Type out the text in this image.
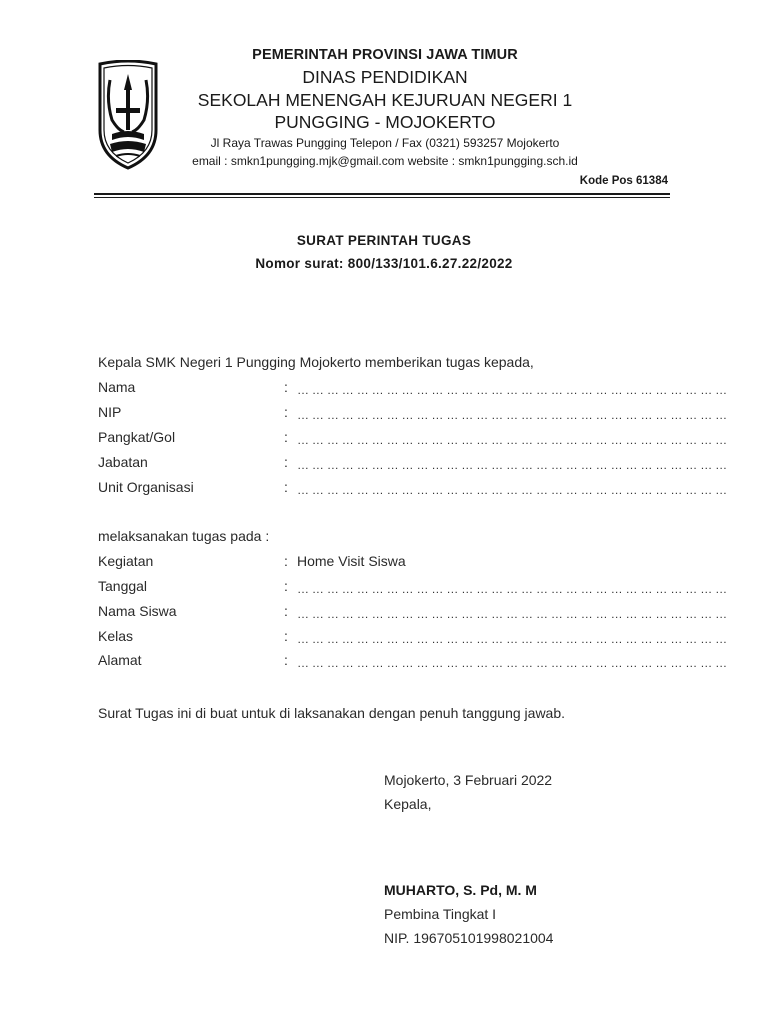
PEMERINTAH PROVINSI JAWA TIMUR
DINAS PENDIDIKAN
SEKOLAH MENENGAH KEJURUAN NEGERI 1
PUNGGING - MOJOKERTO
Jl Raya Trawas Pungging Telepon / Fax (0321) 593257 Mojokerto
email : smkn1pungging.mjk@gmail.com website : smkn1pungging.sch.id
Kode Pos 61384
SURAT PERINTAH TUGAS
Nomor surat: 800/133/101.6.27.22/2022
Kepala SMK Negeri 1 Pungging Mojokerto memberikan tugas kepada,
Nama	: … … … … … … … … … … … … … … … … … … … … … … … … … … … … …
NIP	: … … … … … … … … … … … … … … … … … … … … … … … … … … … … …
Pangkat/Gol	: … … … … … … … … … … … … … … … … … … … … … … … … … … … … …
Jabatan	: … … … … … … … … … … … … … … … … … … … … … … … … … … … … …
Unit Organisasi	: … … … … … … … … … … … … … … … … … … … … … … … … … … … … …
melaksanakan tugas pada :
Kegiatan	: Home Visit Siswa
Tanggal	: … … … … … … … … … … … … … … … … … … … … … … … … … … … … …
Nama Siswa	: … … … … … … … … … … … … … … … … … … … … … … … … … … … … …
Kelas	: … … … … … … … … … … … … … … … … … … … … … … … … … … … … …
Alamat	: … … … … … … … … … … … … … … … … … … … … … … … … … … … … …
Surat Tugas ini di buat untuk di laksanakan dengan penuh tanggung jawab.
Mojokerto, 3 Februari 2022
Kepala,
MUHARTO, S. Pd, M. M
Pembina Tingkat I
NIP. 196705101998021004
